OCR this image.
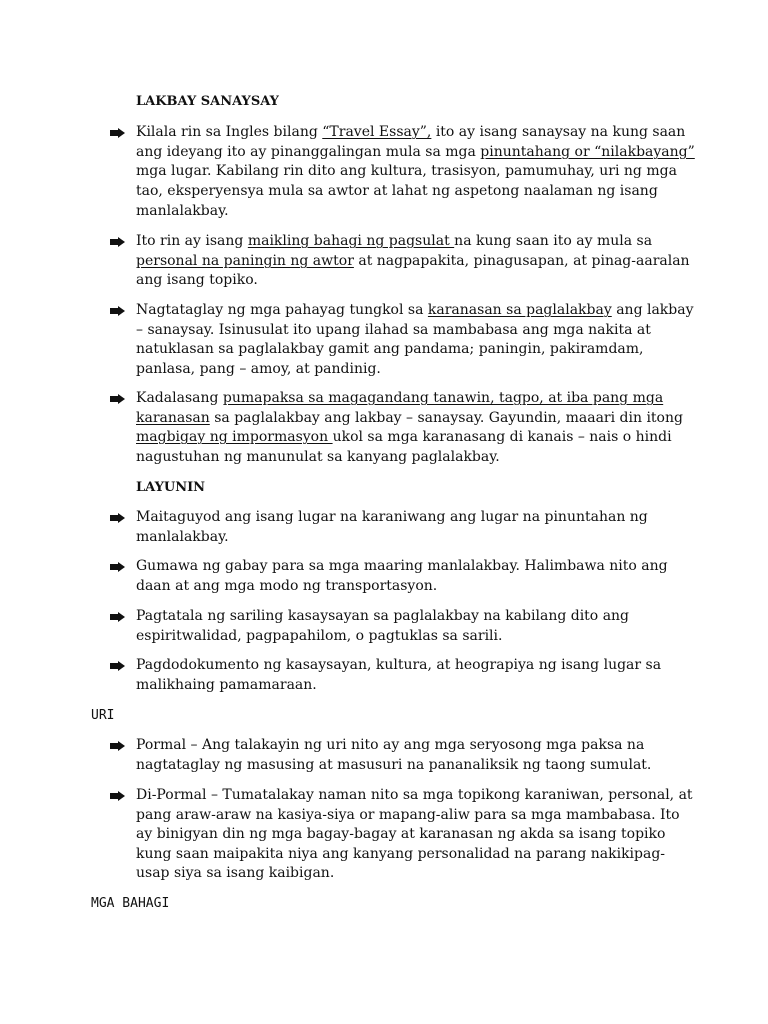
LAKBAY SANAYSAY
Kilala rin sa Ingles bilang “Travel Essay”, ito ay isang sanaysay na kung saan
ang ideyang ito ay pinanggalingan mula sa mga pinuntahang or “nilakbayang”
mga lugar. Kabilang rin dito ang kultura, trasisyon, pamumuhay, uri ng mga
tao, eksperyensya mula sa awtor at lahat ng aspetong naalaman ng isang
manlalakbay.
Ito rin ay isang maikling bahagi ng pagsulat na kung saan ito ay mula sa
personal na paningin ng awtor at nagpapakita, pinagusapan, at pinag-aaralan
ang isang topiko.
Nagtataglay ng mga pahayag tungkol sa karanasan sa paglalakbay ang lakbay
– sanaysay. Isinusulat ito upang ilahad sa mambabasa ang mga nakita at
natuklasan sa paglalakbay gamit ang pandama; paningin, pakiramdam,
panlasa, pang – amoy, at pandinig.
Kadalasang pumapaksa sa magagandang tanawin, tagpo, at iba pang mga
karanasan sa paglalakbay ang lakbay – sanaysay. Gayundin, maaari din itong
magbigay ng impormasyon ukol sa mga karanasang di kanais – nais o hindi
nagustuhan ng manunulat sa kanyang paglalakbay.
LAYUNIN
Maitaguyod ang isang lugar na karaniwang ang lugar na pinuntahan ng
manlalakbay.
Gumawa ng gabay para sa mga maaring manlalakbay. Halimbawa nito ang
daan at ang mga modo ng transportasyon.
Pagtatala ng sariling kasaysayan sa paglalakbay na kabilang dito ang
espiritwalidad, pagpapahilom, o pagtuklas sa sarili.
Pagdodokumento ng kasaysayan, kultura, at heograpiya ng isang lugar sa
malikhaing pamamaraan.
URI
Pormal – Ang talakayin ng uri nito ay ang mga seryosong mga paksa na
nagtataglay ng masusing at masusuri na pananaliksik ng taong sumulat.
Di-Pormal – Tumatalakay naman nito sa mga topikong karaniwan, personal, at
pang araw-araw na kasiya-siya or mapang-aliw para sa mga mambabasa. Ito
ay binigyan din ng mga bagay-bagay at karanasan ng akda sa isang topiko
kung saan maipakita niya ang kanyang personalidad na parang nakikipag-
usap siya sa isang kaibigan.
MGA BAHAGI
